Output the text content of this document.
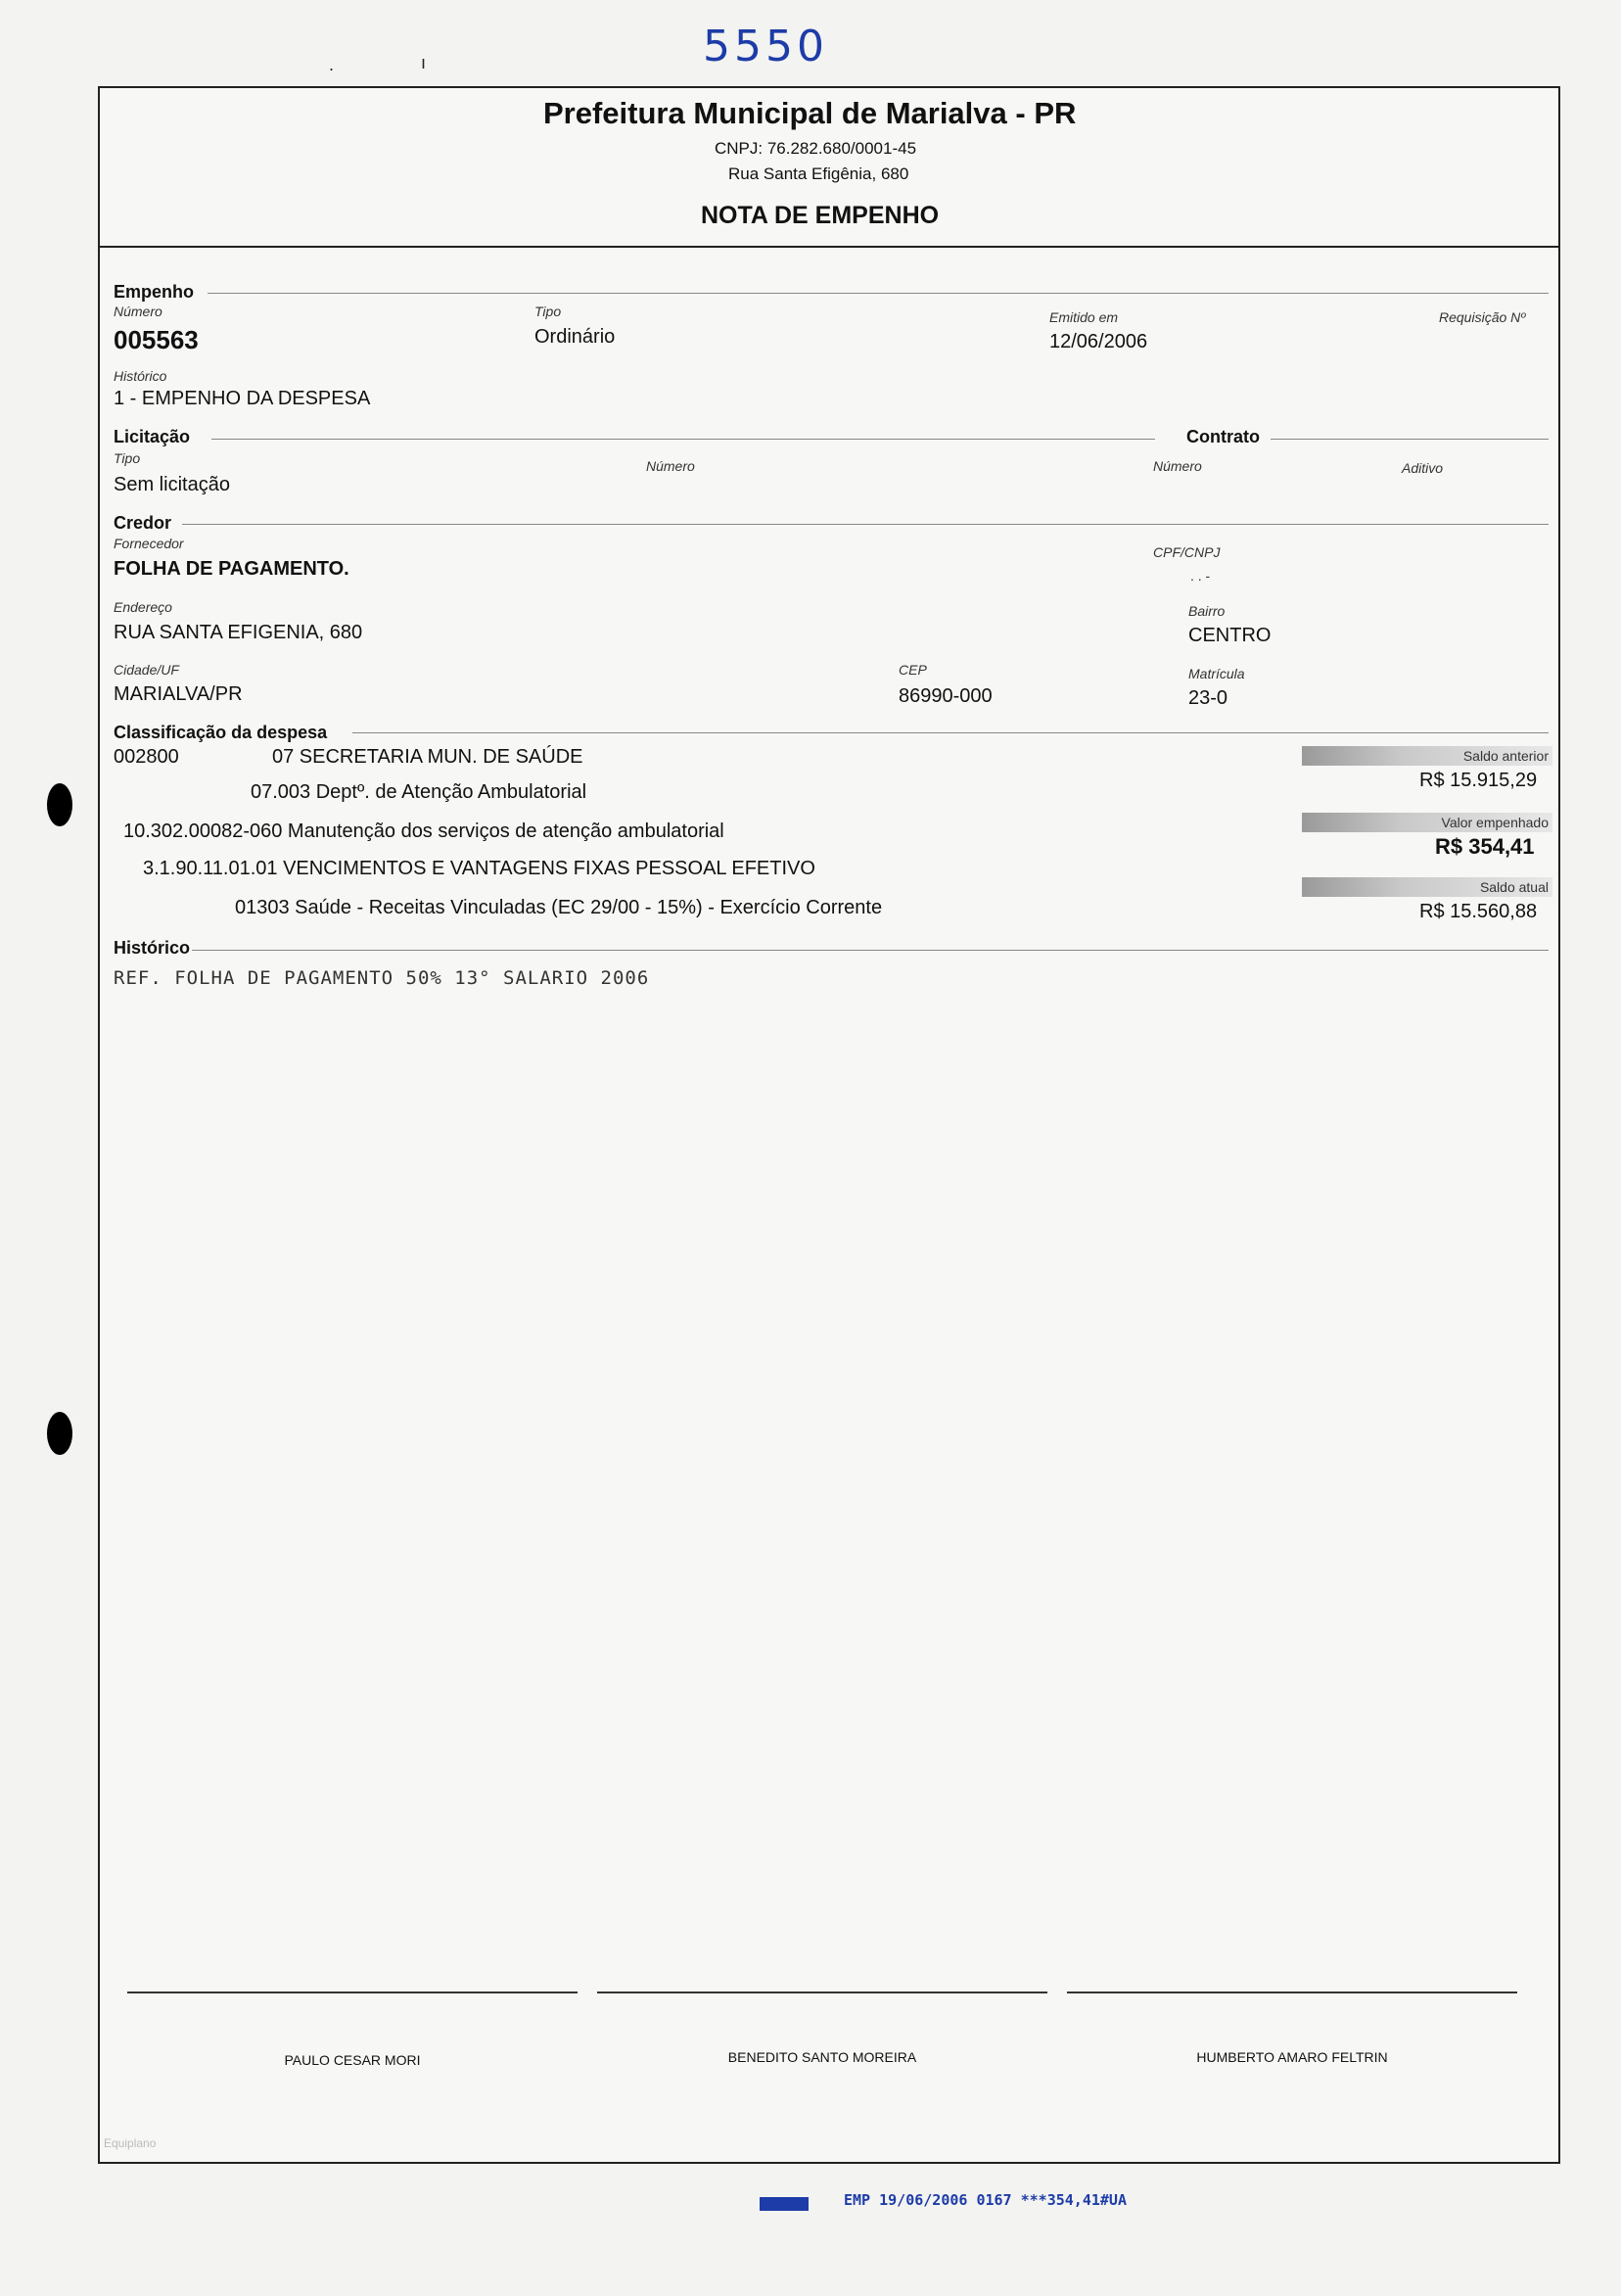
5550
.	ı
Prefeitura Municipal de Marialva - PR
CNPJ: 76.282.680/0001-45
Rua Santa Efigênia, 680
NOTA DE EMPENHO
Empenho
Número
005563
Tipo
Ordinário
Emitido em
12/06/2006
Requisição Nº
Histórico
1 - EMPENHO DA DESPESA
Licitação	Contrato
Tipo
Sem licitação
Número	Número	Aditivo
Credor
Fornecedor
FOLHA DE PAGAMENTO.
CPF/CNPJ
. . -
Endereço
RUA SANTA EFIGENIA, 680
Bairro
CENTRO
Cidade/UF
MARIALVA/PR
CEP
86990-000
Matrícula
23-0
Classificação da despesa
002800	07 SECRETARIA MUN. DE SAÚDE
07.003 Deptº. de Atenção Ambulatorial
10.302.00082-060 Manutenção dos serviços de atenção ambulatorial
3.1.90.11.01.01 VENCIMENTOS E VANTAGENS FIXAS PESSOAL EFETIVO
01303 Saúde - Receitas Vinculadas (EC 29/00 - 15%) - Exercício Corrente
Saldo anterior
R$ 15.915,29
Valor empenhado
R$ 354,41
Saldo atual
R$ 15.560,88
Histórico
REF. FOLHA DE PAGAMENTO 50% 13° SALARIO 2006
PAULO CESAR MORI	BENEDITO SANTO MOREIRA	HUMBERTO AMARO FELTRIN
Equiplano
EMP 19/06/2006 0167 ***354,41#UA
